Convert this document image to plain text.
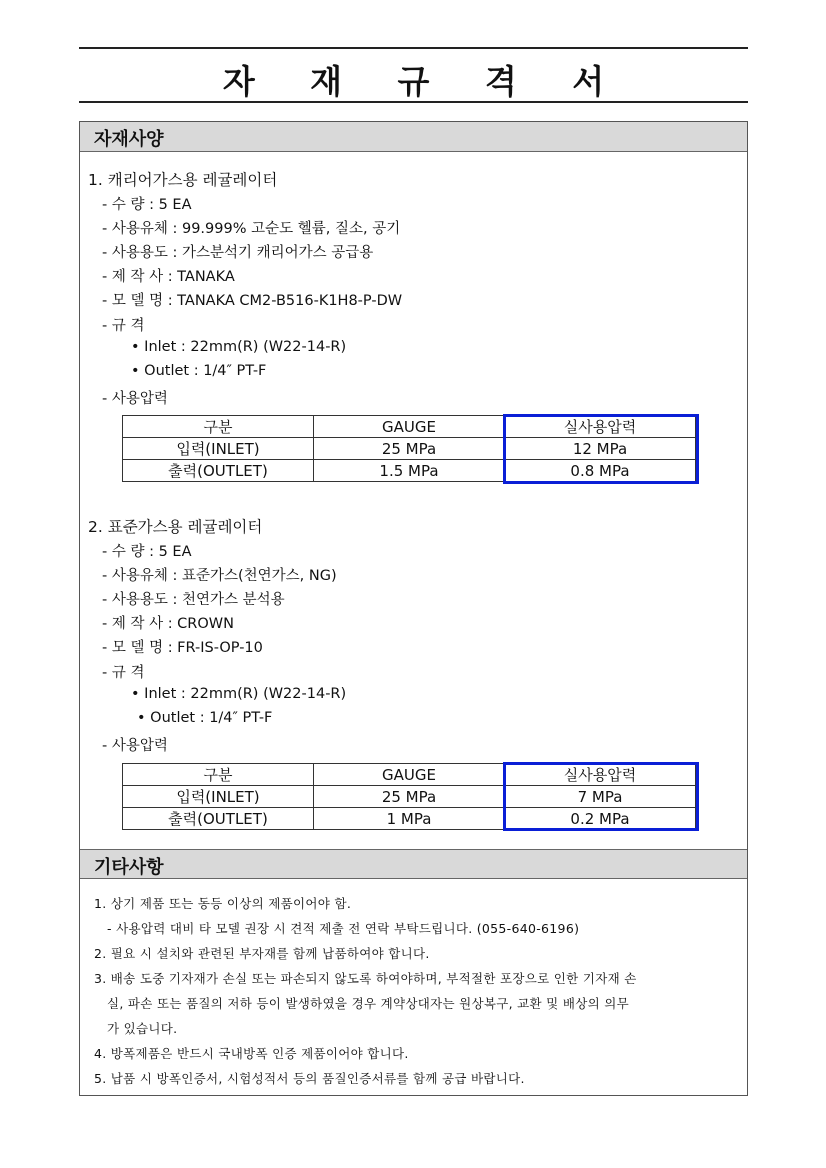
자 재 규 격 서
자재사양
1. 캐리어가스용 레귤레이터
- 수 량 : 5 EA
- 사용유체 : 99.999% 고순도 헬륨, 질소, 공기
- 사용용도 : 가스분석기 캐리어가스 공급용
- 제 작 사 : TANAKA
- 모 델 명 : TANAKA CM2-B516-K1H8-P-DW
- 규 격
• Inlet : 22mm(R) (W22-14-R)
• Outlet : 1/4″ PT-F
- 사용압력
구분	GAUGE	실사용압력
입력(INLET)	25 MPa	12 MPa
출력(OUTLET)	1.5 MPa	0.8 MPa
2. 표준가스용 레귤레이터
- 수 량 : 5 EA
- 사용유체 : 표준가스(천연가스, NG)
- 사용용도 : 천연가스 분석용
- 제 작 사 : CROWN
- 모 델 명 : FR-IS-OP-10
- 규 격
• Inlet : 22mm(R) (W22-14-R)
• Outlet : 1/4″ PT-F
- 사용압력
구분	GAUGE	실사용압력
입력(INLET)	25 MPa	7 MPa
출력(OUTLET)	1 MPa	0.2 MPa
기타사항
1. 상기 제품 또는 동등 이상의 제품이어야 함.
- 사용압력 대비 타 모델 권장 시 견적 제출 전 연락 부탁드립니다. (055-640-6196)
2. 필요 시 설치와 관련된 부자재를 함께 납품하여야 합니다.
3. 배송 도중 기자재가 손실 또는 파손되지 않도록 하여야하며, 부적절한 포장으로 인한 기자재 손
실, 파손 또는 품질의 저하 등이 발생하였을 경우 계약상대자는 원상복구, 교환 및 배상의 의무
가 있습니다.
4. 방폭제품은 반드시 국내방폭 인증 제품이어야 합니다.
5. 납품 시 방폭인증서, 시험성적서 등의 품질인증서류를 함께 공급 바랍니다.
